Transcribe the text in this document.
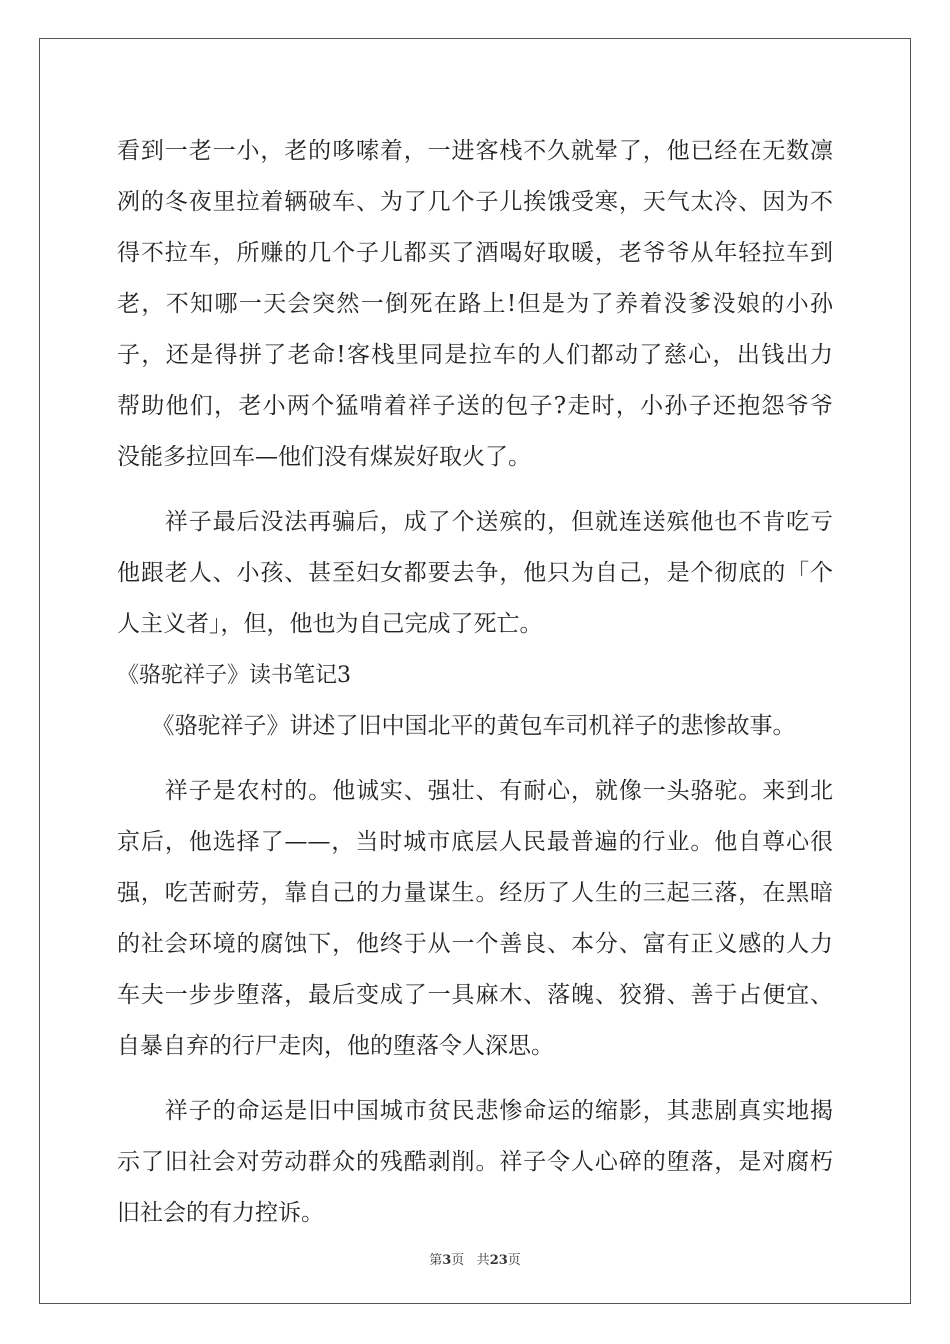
看到一老一小，老的哆嗦着，一进客栈不久就晕了，他已经在无数凛

冽的冬夜里拉着辆破车、为了几个子儿挨饿受寒，天气太冷、因为不

得不拉车，所赚的几个子儿都买了酒喝好取暖，老爷爷从年轻拉车到

老，不知哪一天会突然一倒死在路上!但是为了养着没爹没娘的小孙

子，还是得拼了老命!客栈里同是拉车的人们都动了慈心，出钱出力

帮助他们，老小两个猛啃着祥子送的包子?走时，小孙子还抱怨爷爷

没能多拉回车—他们没有煤炭好取火了。

　　祥子最后没法再骗后，成了个送殡的，但就连送殡他也不肯吃亏

他跟老人、小孩、甚至妇女都要去争，他只为自己，是个彻底的「个

人主义者」，但，他也为自己完成了死亡。

《骆驼祥子》读书笔记3

　　《骆驼祥子》讲述了旧中国北平的黄包车司机祥子的悲惨故事。

　　祥子是农村的。他诚实、强壮、有耐心，就像一头骆驼。来到北

京后，他选择了——，当时城市底层人民最普遍的行业。他自尊心很

强，吃苦耐劳，靠自己的力量谋生。经历了人生的三起三落，在黑暗

的社会环境的腐蚀下，他终于从一个善良、本分、富有正义感的人力

车夫一步步堕落，最后变成了一具麻木、落魄、狡猾、善于占便宜、

自暴自弃的行尸走肉，他的堕落令人深思。

　　祥子的命运是旧中国城市贫民悲惨命运的缩影，其悲剧真实地揭

示了旧社会对劳动群众的残酷剥削。祥子令人心碎的堕落，是对腐朽

旧社会的有力控诉。

第3页 共23页
